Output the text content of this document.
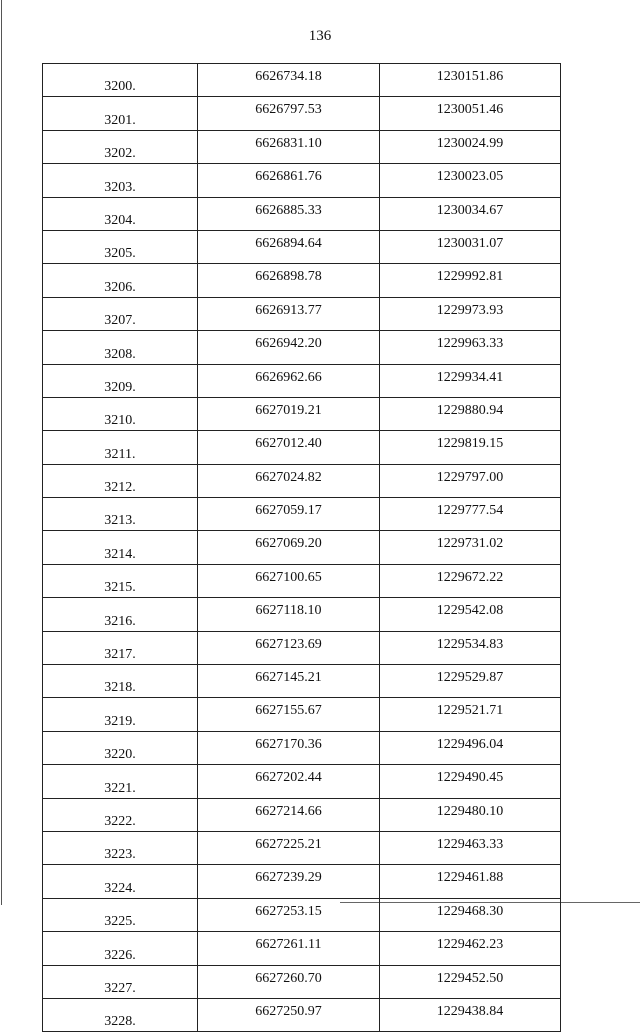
136
3200.	6626734.18	1230151.86
3201.	6626797.53	1230051.46
3202.	6626831.10	1230024.99
3203.	6626861.76	1230023.05
3204.	6626885.33	1230034.67
3205.	6626894.64	1230031.07
3206.	6626898.78	1229992.81
3207.	6626913.77	1229973.93
3208.	6626942.20	1229963.33
3209.	6626962.66	1229934.41
3210.	6627019.21	1229880.94
3211.	6627012.40	1229819.15
3212.	6627024.82	1229797.00
3213.	6627059.17	1229777.54
3214.	6627069.20	1229731.02
3215.	6627100.65	1229672.22
3216.	6627118.10	1229542.08
3217.	6627123.69	1229534.83
3218.	6627145.21	1229529.87
3219.	6627155.67	1229521.71
3220.	6627170.36	1229496.04
3221.	6627202.44	1229490.45
3222.	6627214.66	1229480.10
3223.	6627225.21	1229463.33
3224.	6627239.29	1229461.88
3225.	6627253.15	1229468.30
3226.	6627261.11	1229462.23
3227.	6627260.70	1229452.50
3228.	6627250.97	1229438.84
